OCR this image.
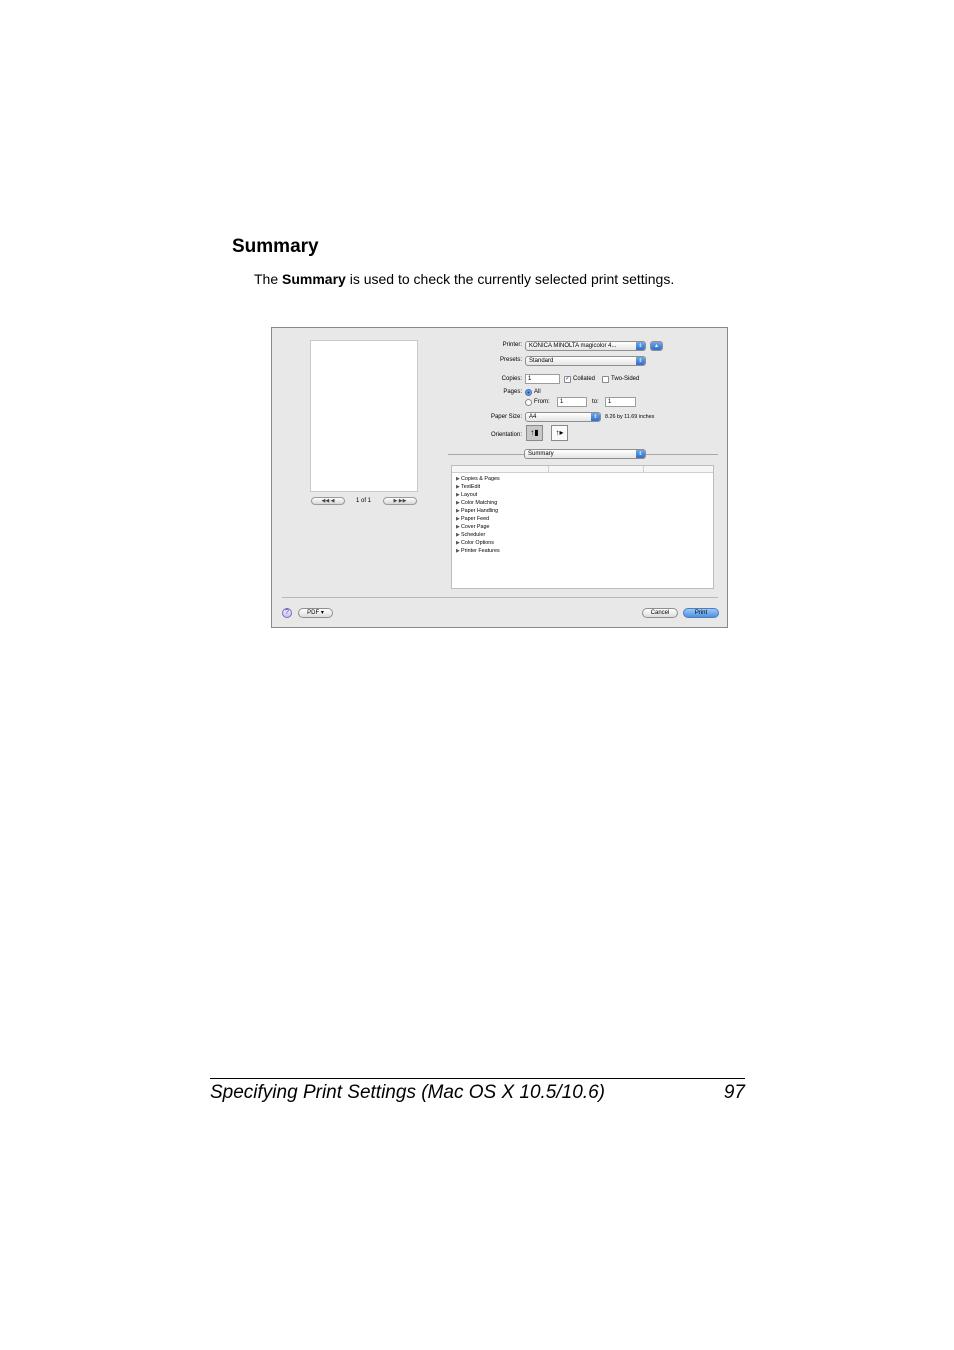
Summary
The Summary is used to check the currently selected print settings.
◀◀ ◀	1 of 1	▶ ▶▶
Printer:	KONICA MINOLTA magicolor 4...	⇕	▲
Presets:	Standard	⇕
Copies:	1	✓ Collated	Two-Sided
Pages: All
From:	1	to:	1
Paper Size:	A4	⇕	8.26 by 11.69 inches
Orientation:	↑▮	↑▸
Summary	⇕
▶Copies & Pages
▶TextEdit
▶Layout
▶Color Matching
▶Paper Handling
▶Paper Feed
▶Cover Page
▶Scheduler
▶Color Options
▶Printer Features
?	PDF ▾	Cancel	Print
Specifying Print Settings (Mac OS X 10.5/10.6)	97
